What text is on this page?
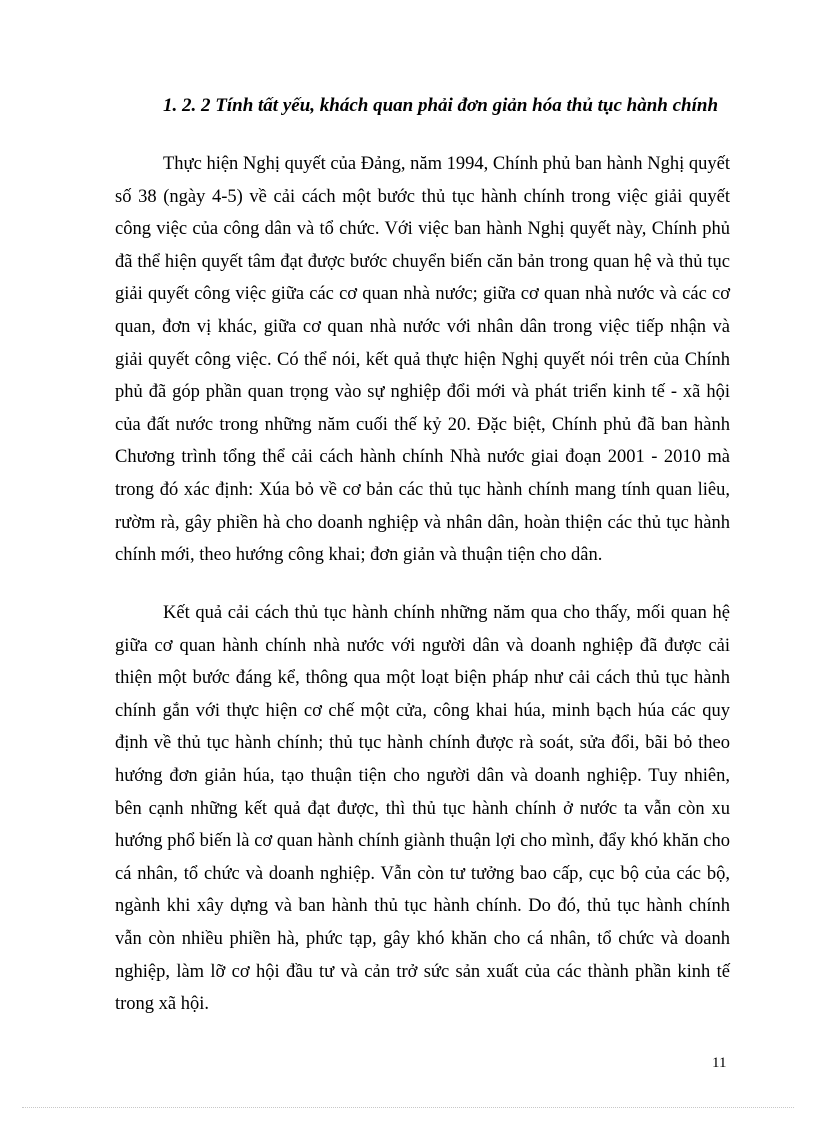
1. 2. 2 Tính tất yếu, khách quan phải đơn giản hóa thủ tục hành chính

Thực hiện Nghị quyết của Đảng, năm 1994, Chính phủ ban hành Nghị quyết số 38 (ngày 4-5) về cải cách một bước thủ tục hành chính trong việc giải quyết công việc của công dân và tổ chức. Với việc ban hành Nghị quyết này, Chính phủ đã thể hiện quyết tâm đạt được bước chuyển biến căn bản trong quan hệ và thủ tục giải quyết công việc giữa các cơ quan nhà nước; giữa cơ quan nhà nước và các cơ quan, đơn vị khác, giữa cơ quan nhà nước với nhân dân trong việc tiếp nhận và giải quyết công việc. Có thể nói, kết quả thực hiện Nghị quyết nói trên của Chính phủ đã góp phần quan trọng vào sự nghiệp đổi mới và phát triển kinh tế - xã hội của đất nước trong những năm cuối thế kỷ 20. Đặc biệt, Chính phủ đã ban hành Chương trình tổng thể cải cách hành chính Nhà nước giai đoạn 2001 - 2010 mà trong đó xác định: Xúa bỏ về cơ bản các thủ tục hành chính mang tính quan liêu, rườm rà, gây phiền hà cho doanh nghiệp và nhân dân, hoàn thiện các thủ tục hành chính mới, theo hướng công khai; đơn giản và thuận tiện cho dân.

Kết quả cải cách thủ tục hành chính những năm qua cho thấy, mối quan hệ giữa cơ quan hành chính nhà nước với người dân và doanh nghiệp đã được cải thiện một bước đáng kể, thông qua một loạt biện pháp như cải cách thủ tục hành chính gắn với thực hiện cơ chế một cửa, công khai húa, minh bạch húa các quy định về thủ tục hành chính; thủ tục hành chính được rà soát, sửa đổi, bãi bỏ theo hướng đơn giản húa, tạo thuận tiện cho người dân và doanh nghiệp. Tuy nhiên, bên cạnh những kết quả đạt được, thì thủ tục hành chính ở nước ta vẫn còn xu hướng phổ biến là cơ quan hành chính giành thuận lợi cho mình, đẩy khó khăn cho cá nhân, tổ chức và doanh nghiệp. Vẫn còn tư tưởng bao cấp, cục bộ của các bộ, ngành khi xây dựng và ban hành thủ tục hành chính. Do đó, thủ tục hành chính vẫn còn nhiều phiền hà, phức tạp, gây khó khăn cho cá nhân, tổ chức và doanh nghiệp, làm lỡ cơ hội đầu tư và cản trở sức sản xuất của các thành phần kinh tế trong xã hội.

11
